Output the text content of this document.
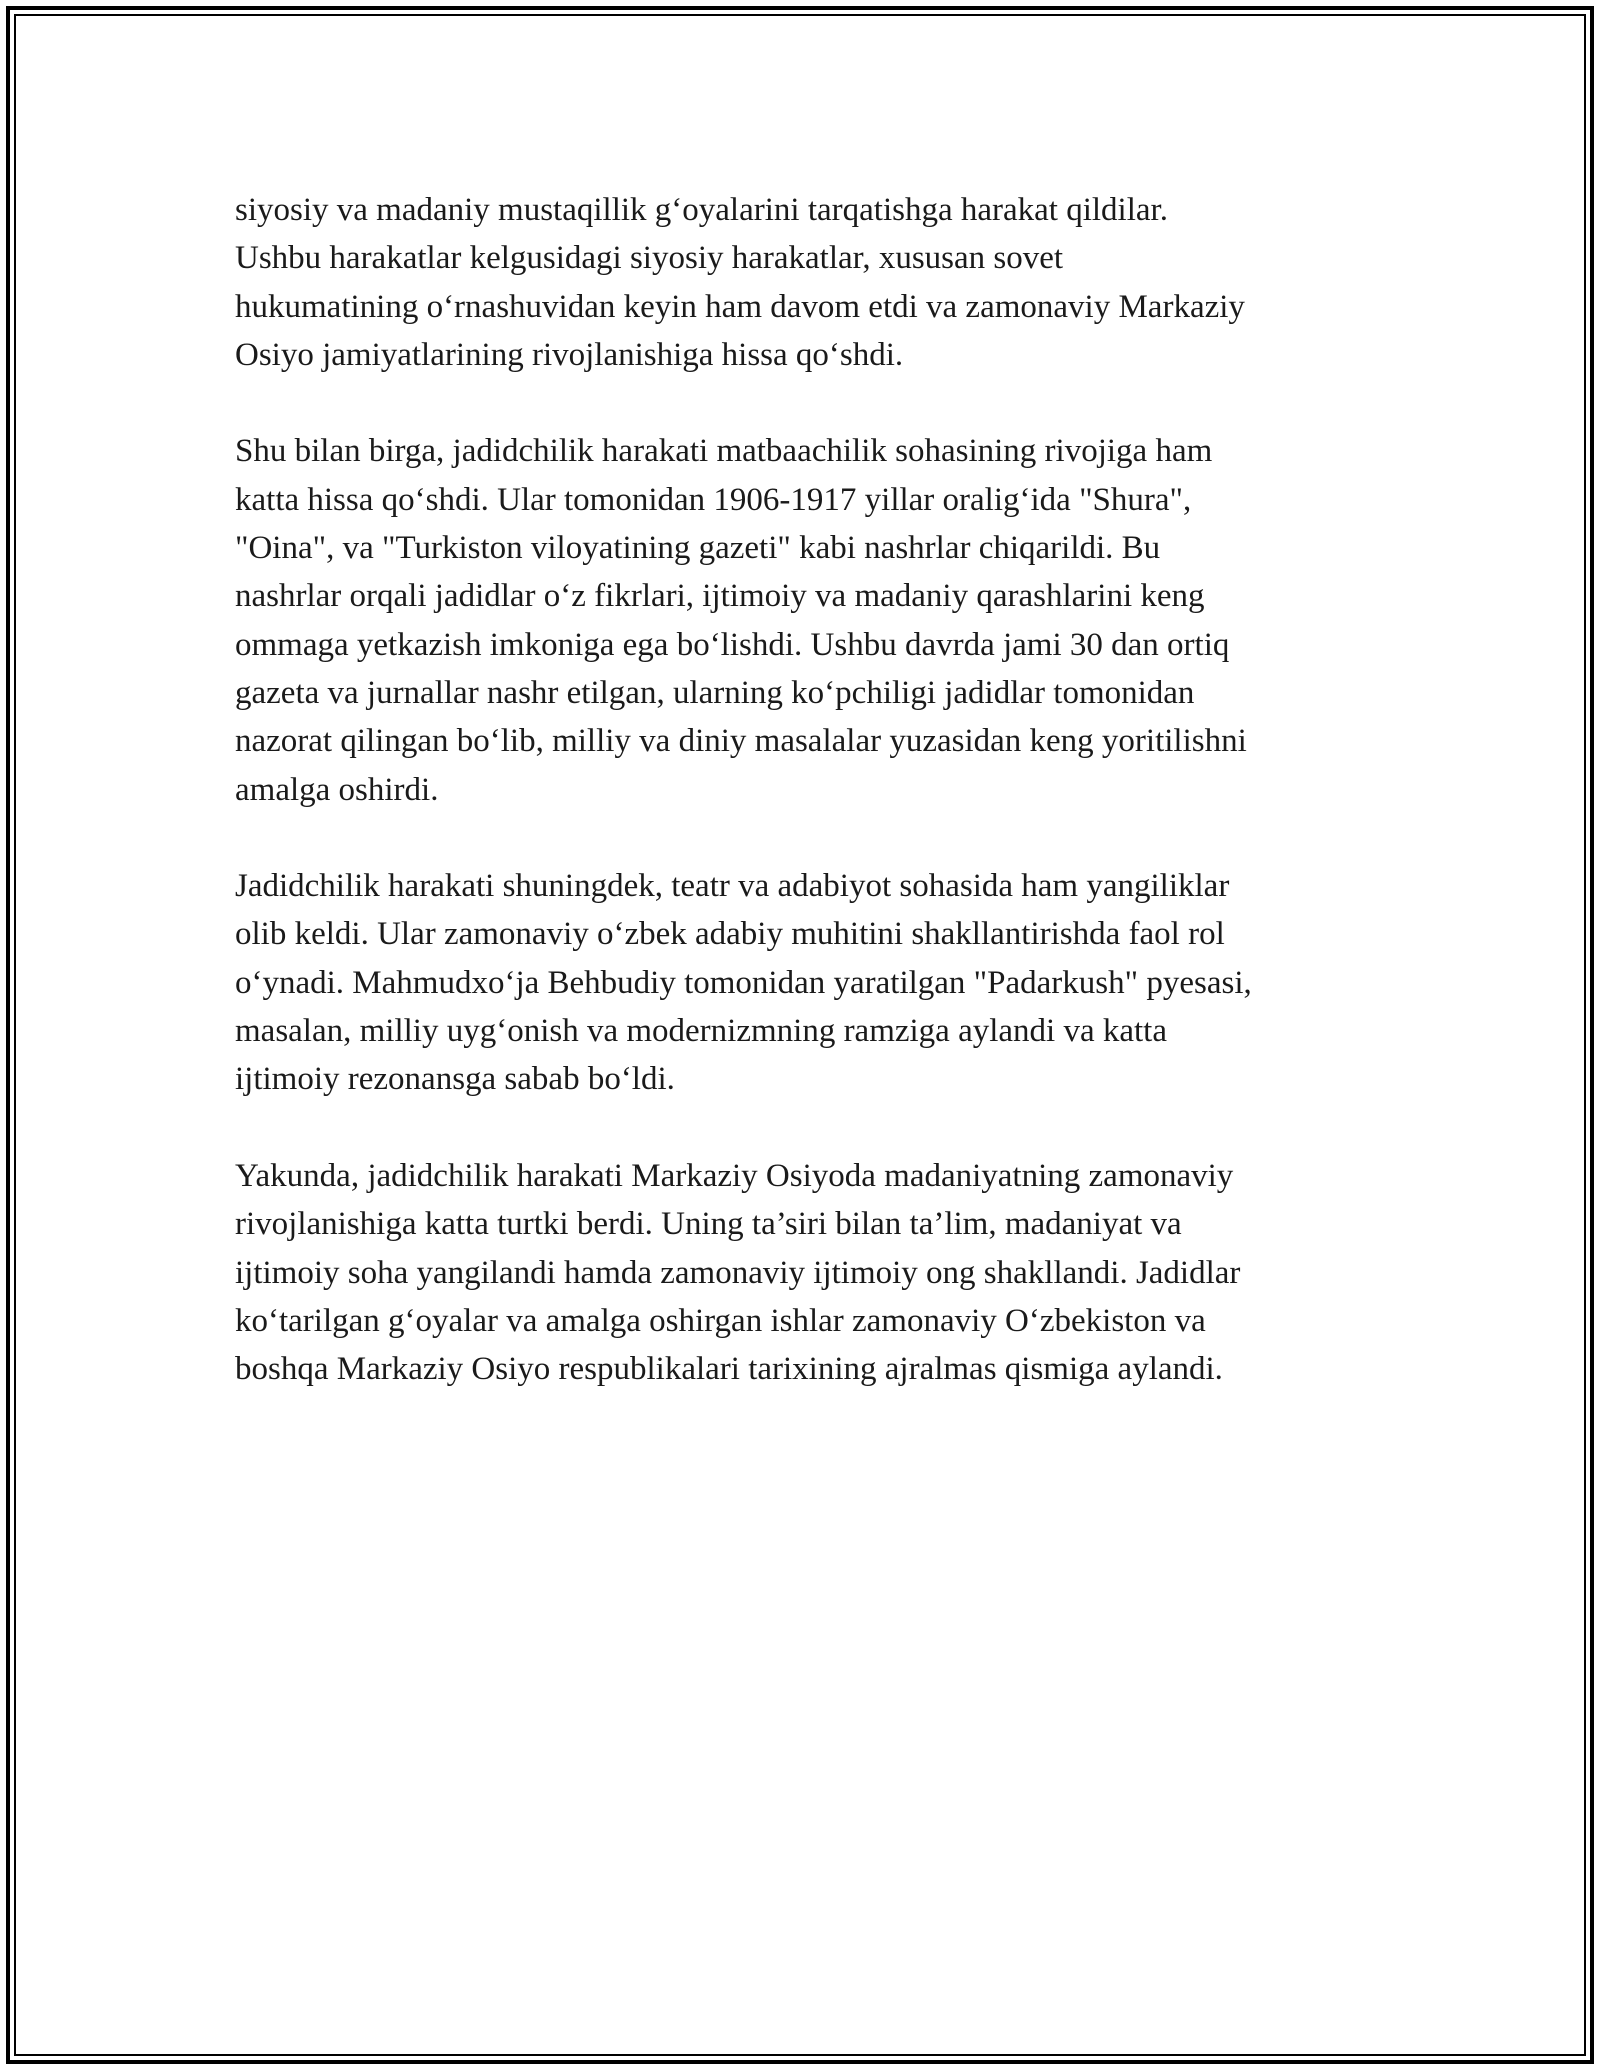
siyosiy va madaniy mustaqillik g‘oyalarini tarqatishga harakat qildilar.
Ushbu harakatlar kelgusidagi siyosiy harakatlar, xususan sovet
hukumatining o‘rnashuvidan keyin ham davom etdi va zamonaviy Markaziy
Osiyo jamiyatlarining rivojlanishiga hissa qo‘shdi.

Shu bilan birga, jadidchilik harakati matbaachilik sohasining rivojiga ham
katta hissa qo‘shdi. Ular tomonidan 1906-1917 yillar oralig‘ida "Shura",
"Oina", va "Turkiston viloyatining gazeti" kabi nashrlar chiqarildi. Bu
nashrlar orqali jadidlar o‘z fikrlari, ijtimoiy va madaniy qarashlarini keng
ommaga yetkazish imkoniga ega bo‘lishdi. Ushbu davrda jami 30 dan ortiq
gazeta va jurnallar nashr etilgan, ularning ko‘pchiligi jadidlar tomonidan
nazorat qilingan bo‘lib, milliy va diniy masalalar yuzasidan keng yoritilishni
amalga oshirdi.

Jadidchilik harakati shuningdek, teatr va adabiyot sohasida ham yangiliklar
olib keldi. Ular zamonaviy o‘zbek adabiy muhitini shakllantirishda faol rol
o‘ynadi. Mahmudxo‘ja Behbudiy tomonidan yaratilgan "Padarkush" pyesasi,
masalan, milliy uyg‘onish va modernizmning ramziga aylandi va katta
ijtimoiy rezonansga sabab bo‘ldi.

Yakunda, jadidchilik harakati Markaziy Osiyoda madaniyatning zamonaviy
rivojlanishiga katta turtki berdi. Uning ta’siri bilan ta’lim, madaniyat va
ijtimoiy soha yangilandi hamda zamonaviy ijtimoiy ong shakllandi. Jadidlar
ko‘tarilgan g‘oyalar va amalga oshirgan ishlar zamonaviy O‘zbekiston va
boshqa Markaziy Osiyo respublikalari tarixining ajralmas qismiga aylandi.
